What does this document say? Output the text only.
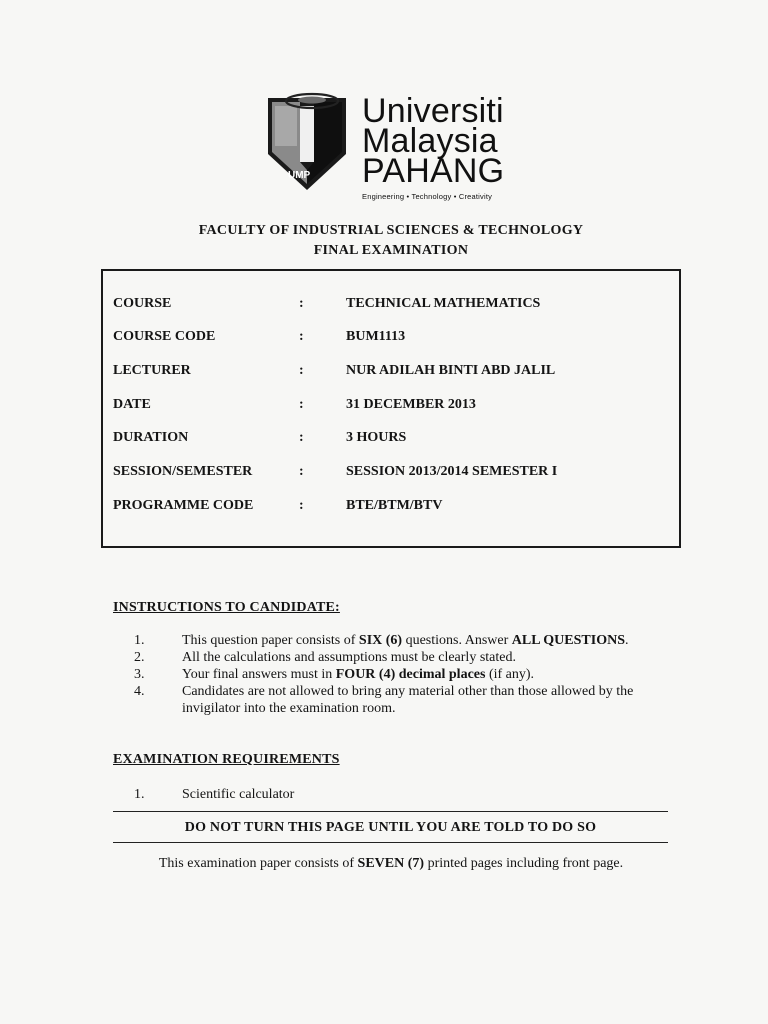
UMP
Universiti
Malaysia
PAHANG
Engineering • Technology • Creativity
FACULTY OF INDUSTRIAL SCIENCES & TECHNOLOGY
FINAL EXAMINATION
COURSE	:	TECHNICAL MATHEMATICS
COURSE CODE	:	BUM1113
LECTURER	:	NUR ADILAH BINTI ABD JALIL
DATE	:	31 DECEMBER 2013
DURATION	:	3 HOURS
SESSION/SEMESTER	:	SESSION 2013/2014 SEMESTER I
PROGRAMME CODE	:	BTE/BTM/BTV
INSTRUCTIONS TO CANDIDATE:
1.	This question paper consists of SIX (6) questions. Answer ALL QUESTIONS.
2.	All the calculations and assumptions must be clearly stated.
3.	Your final answers must in FOUR (4) decimal places (if any).
4.	Candidates are not allowed to bring any material other than those allowed by the invigilator into the examination room.
EXAMINATION REQUIREMENTS
1.	Scientific calculator
DO NOT TURN THIS PAGE UNTIL YOU ARE TOLD TO DO SO
This examination paper consists of SEVEN (7) printed pages including front page.
